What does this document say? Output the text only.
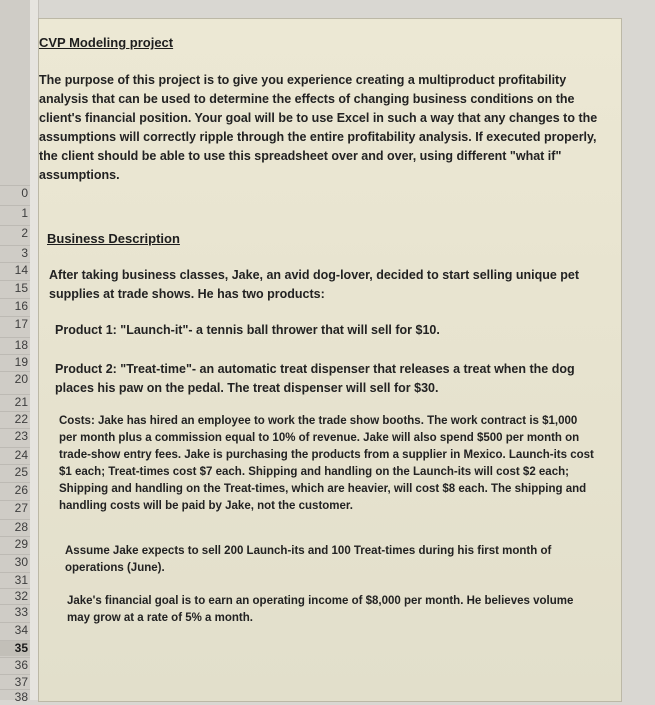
0
1
2
3
14
15
16
17
18
19
20
21
22
23
24
25
26
27
28
29
30
31
32
33
34
35
36
37
38
CVP Modeling project

The purpose of this project is to give you experience creating a multiproduct profitability analysis that can be used to determine the effects of changing business conditions on the client's financial position. Your goal will be to use Excel in such a way that any changes to the assumptions will correctly ripple through the entire profitability analysis. If executed properly, the client should be able to use this spreadsheet over and over, using different "what if" assumptions.

Business Description

After taking business classes, Jake, an avid dog-lover, decided to start selling unique pet supplies at trade shows. He has two products:

Product 1: "Launch-it"- a tennis ball thrower that will sell for $10.

Product 2: "Treat-time"- an automatic treat dispenser that releases a treat when the dog places his paw on the pedal. The treat dispenser will sell for $30.

Costs: Jake has hired an employee to work the trade show booths. The work contract is $1,000 per month plus a commission equal to 10% of revenue. Jake will also spend $500 per month on trade-show entry fees. Jake is purchasing the products from a supplier in Mexico. Launch-its cost $1 each; Treat-times cost $7 each. Shipping and handling on the Launch-its will cost $2 each; Shipping and handling on the Treat-times, which are heavier, will cost $8 each. The shipping and handling costs will be paid by Jake, not the customer.

Assume Jake expects to sell 200 Launch-its and 100 Treat-times during his first month of operations (June).

Jake's financial goal is to earn an operating income of $8,000 per month. He believes volume may grow at a rate of 5% a month.
